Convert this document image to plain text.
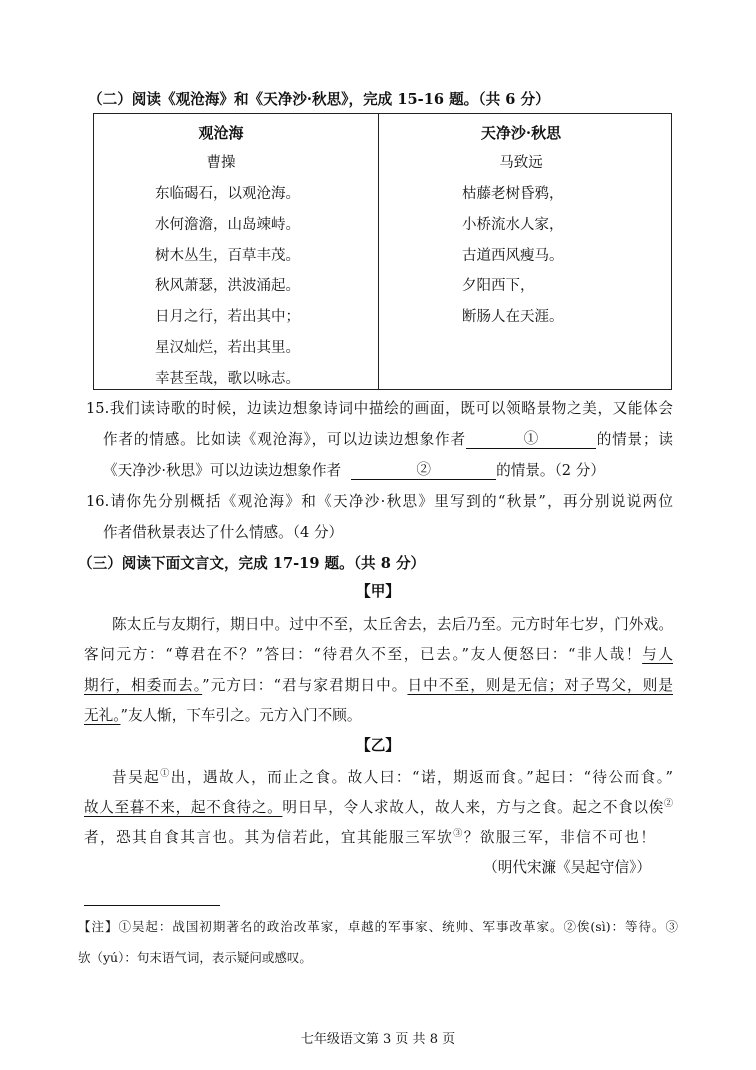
（二）阅读《观沧海》和《天净沙·秋思》，完成 15-16 题。（共 6 分）
观沧海
曹操
东临碣石，以观沧海。
水何澹澹，山岛竦峙。
树木丛生，百草丰茂。
秋风萧瑟，洪波涌起。
日月之行，若出其中；
星汉灿烂，若出其里。
幸甚至哉，歌以咏志。
天净沙·秋思
马致远
枯藤老树昏鸦，
小桥流水人家，
古道西风瘦马。
夕阳西下，
断肠人在天涯。
15.我们读诗歌的时候，边读边想象诗词中描绘的画面，既可以领略景物之美，又能体会
作者的情感。比如读《观沧海》，可以边读边想象作者	①	的情景；读
《天净沙·秋思》可以边读边想象作者	②	的情景。（2 分）
16.请你先分别概括《观沧海》和《天净沙·秋思》里写到的“秋景”，再分别说说两位
作者借秋景表达了什么情感。（4 分）
（三）阅读下面文言文，完成 17-19 题。（共 8 分）
【甲】
陈太丘与友期行，期日中。过中不至，太丘舍去，去后乃至。元方时年七岁，门外戏。
客问元方：“尊君在不？”答曰：“待君久不至，已去。”友人便怒曰：“非人哉！与人
期行，相委而去。”元方曰：“君与家君期日中。日中不至，则是无信；对子骂父，则是
无礼。”友人惭，下车引之。元方入门不顾。
【乙】
昔吴起①出，遇故人，而止之食。故人曰：“诺，期返而食。”起曰：“待公而食。”
故人至暮不来，起不食待之。明日早，令人求故人，故人来，方与之食。起之不食以俟②
者，恐其自食其言也。其为信若此，宜其能服三军欤③？欲服三军，非信不可也！
（明代宋濂《吴起守信》）
【注】①吴起：战国初期著名的政治改革家，卓越的军事家、统帅、军事改革家。②俟(sì)：等待。③
欤（yú）：句末语气词，表示疑问或感叹。
七年级语文第 3 页 共 8 页
